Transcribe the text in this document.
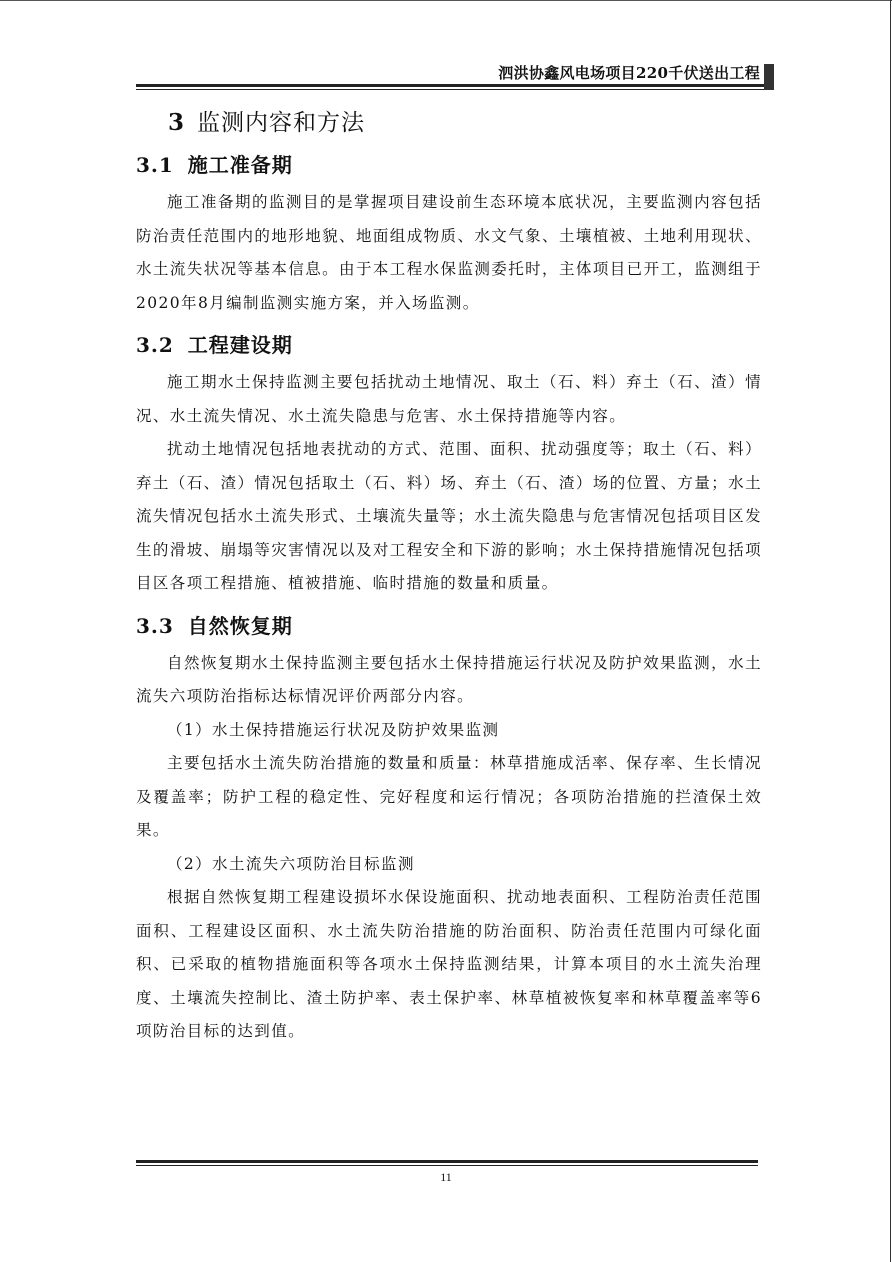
泗洪协鑫风电场项目220千伏送出工程
3 监测内容和方法
3.1 施工准备期

施工准备期的监测目的是掌握项目建设前生态环境本底状况，主要监测内容包括防治责任范围内的地形地貌、地面组成物质、水文气象、土壤植被、土地利用现状、水土流失状况等基本信息。由于本工程水保监测委托时，主体项目已开工，监测组于2020年8月编制监测实施方案，并入场监测。

3.2 工程建设期

施工期水土保持监测主要包括扰动土地情况、取土（石、料）弃土（石、渣）情况、水土流失情况、水土流失隐患与危害、水土保持措施等内容。

扰动土地情况包括地表扰动的方式、范围、面积、扰动强度等；取土（石、料）弃土（石、渣）情况包括取土（石、料）场、弃土（石、渣）场的位置、方量；水土流失情况包括水土流失形式、土壤流失量等；水土流失隐患与危害情况包括项目区发生的滑坡、崩塌等灾害情况以及对工程安全和下游的影响；水土保持措施情况包括项目区各项工程措施、植被措施、临时措施的数量和质量。

3.3 自然恢复期

自然恢复期水土保持监测主要包括水土保持措施运行状况及防护效果监测，水土流失六项防治指标达标情况评价两部分内容。

（1）水土保持措施运行状况及防护效果监测

主要包括水土流失防治措施的数量和质量：林草措施成活率、保存率、生长情况及覆盖率；防护工程的稳定性、完好程度和运行情况；各项防治措施的拦渣保土效果。

（2）水土流失六项防治目标监测

根据自然恢复期工程建设损坏水保设施面积、扰动地表面积、工程防治责任范围面积、工程建设区面积、水土流失防治措施的防治面积、防治责任范围内可绿化面积、已采取的植物措施面积等各项水土保持监测结果，计算本项目的水土流失治理度、土壤流失控制比、渣土防护率、表土保护率、林草植被恢复率和林草覆盖率等6项防治目标的达到值。

11
